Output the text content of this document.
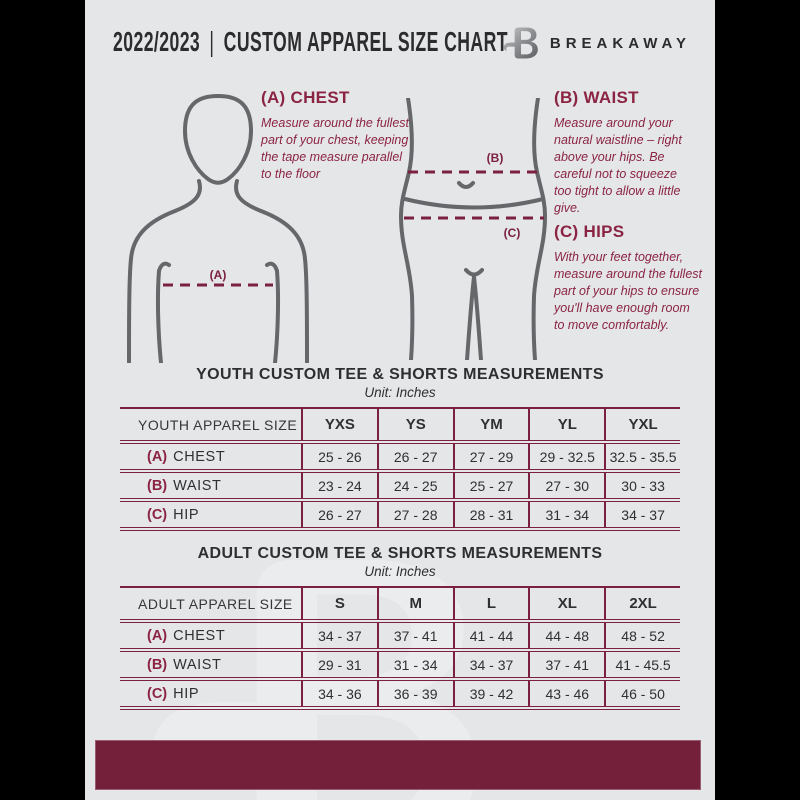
2022/2023 | CUSTOM APPAREL SIZE CHART	BREAKAWAY
(A)
(A) CHEST
Measure around the fullest part of your chest, keeping the tape measure parallel to the floor
(B)
(C)
(B) WAIST
Measure around your natural waistline – right above your hips. Be careful not to squeeze too tight to allow a little give.
(C) HIPS
With your feet together, measure around the fullest part of your hips to ensure you'll have enough room to move comfortably.
YOUTH CUSTOM TEE & SHORTS MEASUREMENTS
Unit: Inches
YOUTH APPAREL SIZE	YXS	YS	YM	YL	YXL
(A) CHEST	25 - 26	26 - 27	27 - 29	29 - 32.5	32.5 - 35.5
(B) WAIST	23 - 24	24 - 25	25 - 27	27 - 30	30 - 33
(C) HIP	26 - 27	27 - 28	28 - 31	31 - 34	34 - 37
ADULT CUSTOM TEE & SHORTS MEASUREMENTS
Unit: Inches
ADULT APPAREL SIZE	S	M	L	XL	2XL
(A) CHEST	34 - 37	37 - 41	41 - 44	44 - 48	48 - 52
(B) WAIST	29 - 31	31 - 34	34 - 37	37 - 41	41 - 45.5
(C) HIP	34 - 36	36 - 39	39 - 42	43 - 46	46 - 50
